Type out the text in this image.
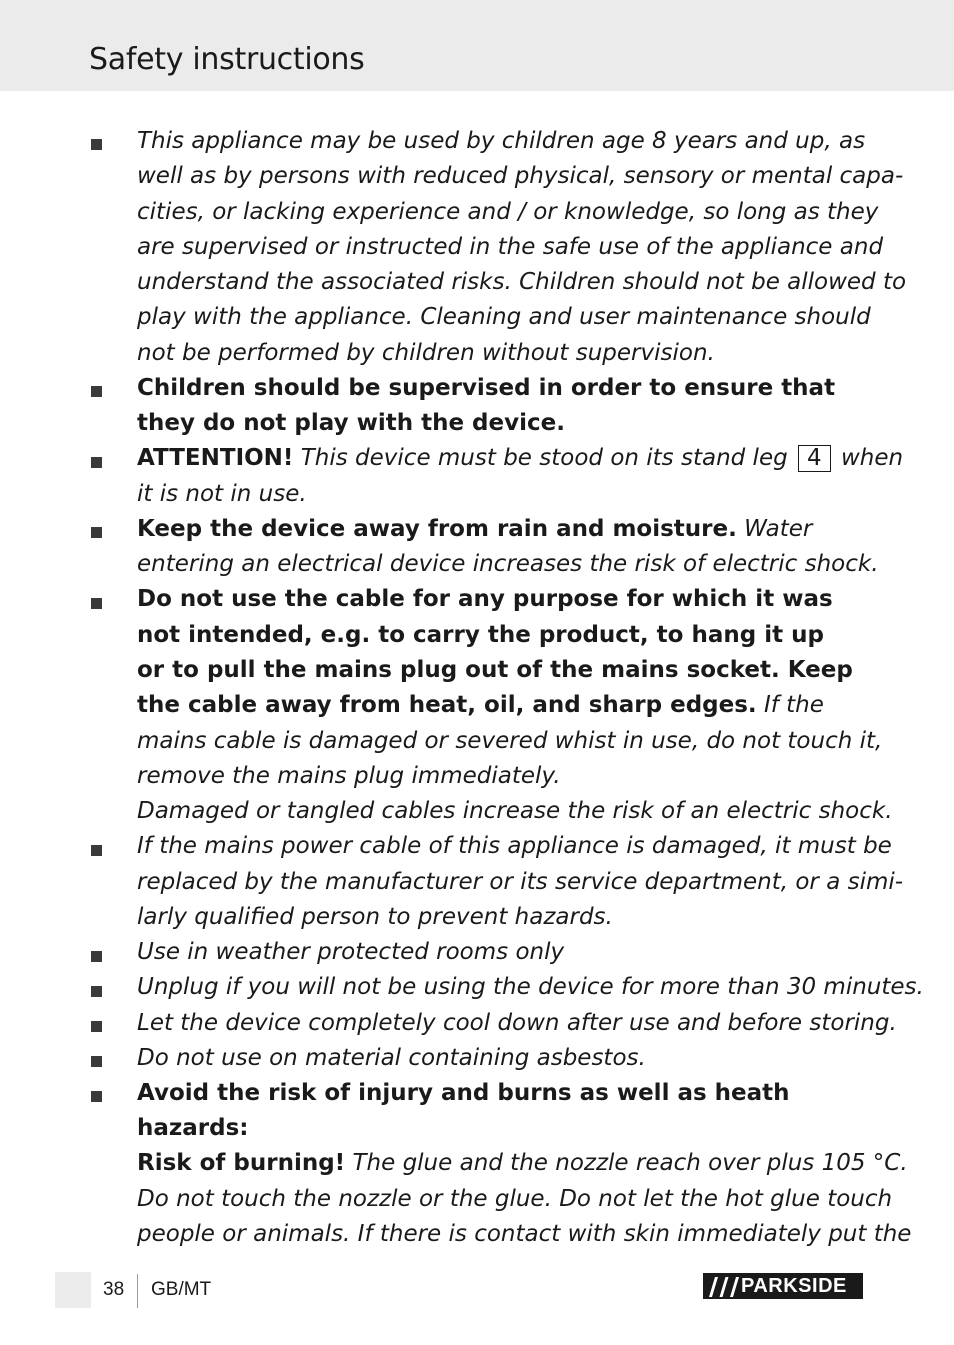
Safety instructions
This appliance may be used by children age 8 years and up, as
well as by persons with reduced physical, sensory or mental capa-
cities, or lacking experience and / or knowledge, so long as they
are supervised or instructed in the safe use of the appliance and
understand the associated risks. Children should not be allowed to
play with the appliance. Cleaning and user maintenance should
not be performed by children without supervision.
Children should be supervised in order to ensure that
they do not play with the device.
ATTENTION! This device must be stood on its stand leg 4 when
it is not in use.
Keep the device away from rain and moisture. Water
entering an electrical device increases the risk of electric shock.
Do not use the cable for any purpose for which it was
not intended, e.g. to carry the product, to hang it up
or to pull the mains plug out of the mains socket. Keep
the cable away from heat, oil, and sharp edges. If the
mains cable is damaged or severed whist in use, do not touch it,
remove the mains plug immediately.
Damaged or tangled cables increase the risk of an electric shock.
If the mains power cable of this appliance is damaged, it must be
replaced by the manufacturer or its service department, or a simi-
larly qualified person to prevent hazards.
Use in weather protected rooms only
Unplug if you will not be using the device for more than 30 minutes.
Let the device completely cool down after use and before storing.
Do not use on material containing asbestos.
Avoid the risk of injury and burns as well as heath
hazards:
Risk of burning! The glue and the nozzle reach over plus 105 °C.
Do not touch the nozzle or the glue. Do not let the hot glue touch
people or animals. If there is contact with skin immediately put the
38 GB/MT	PARKSIDE
